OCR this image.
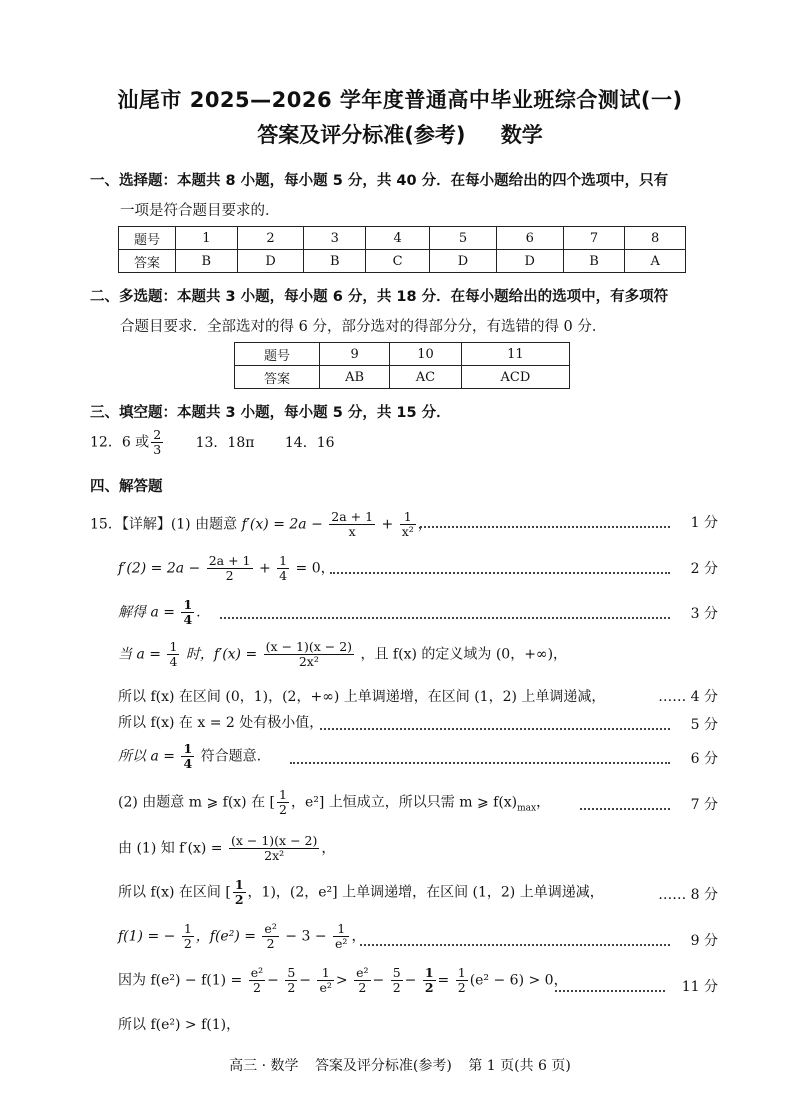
汕尾市 2025—2026 学年度普通高中毕业班综合测试(一)
答案及评分标准(参考) 数学
一、选择题：本题共 8 小题，每小题 5 分，共 40 分．在每小题给出的四个选项中，只有
一项是符合题目要求的．
题号	1	2	3	4	5	6	7	8
答案	B	D	B	C	D	D	B	A
二、多选题：本题共 3 小题，每小题 6 分，共 18 分．在每小题给出的选项中，有多项符
合题目要求．全部选对的得 6 分，部分选对的得部分分，有选错的得 0 分．
题号	9	10	11
答案	AB	AC	ACD
三、填空题：本题共 3 小题，每小题 5 分，共 15 分．
12．6 或 $\frac{2}{3} 13$．18π 14．16
四、解答题
15．【详解】(1) 由题意 $f'(x) = 2a - \frac{2a + 1}{x} + \frac{1}{\text{x²}}$ ，	1 分
$f'(2) = 2a - \frac{2a + 1}{2} + \frac{1}{4} = 0$，	2 分
解得 $a = \frac{1}{4}$ .	3 分
当 $a = \frac{1}{4}$ 时，$f'(x) = \frac{(x - 1)(x - 2)}{\text{2x²}}$ ，且 f(x) 的定义域为 (0，+∞)，
所以 f(x) 在区间 (0，1)，(2，+∞) 上单调递增，在区间 (1，2) 上单调递减，	…… 4 分
所以 f(x) 在 x = 2 处有极小值，	5 分
所以 $a = \frac{1}{4}$ 符合题意.	6 分
(2) 由题意 m ⩾ f(x) 在 [ $\frac{1}{2}$ ，e²] 上恒成立，所以只需 m ⩾ $f(x)_{max}$，	7 分
由 (1) 知 $f'(x) = \frac{(x - 1)(x - 2)}{\text{2x²}}$ ，
所以 f(x) 在区间 [ $\frac{1}{2}$ ，1)，(2，e²] 上单调递增，在区间 (1，2) 上单调递减，	…… 8 分
f(1) = − $\frac{1}{2}$ ，$f(e^2) = \frac{\text{e²}}{2} - 3 - \frac{1}{\text{e²}}$ ，	9 分
因为 $f(e^2) - f(1) = \frac{\text{e²}}{2} - \frac{5}{2} - \frac{1}{\text{e²}} > \frac{\text{e²}}{2} - \frac{5}{2} - \frac{1}{2} = \frac{1}{2} (e^2 - 6) > 0$，	11 分
所以 f(e²) > f(1)，
高三 · 数学 答案及评分标准(参考) 第 1 页(共 6 页)
